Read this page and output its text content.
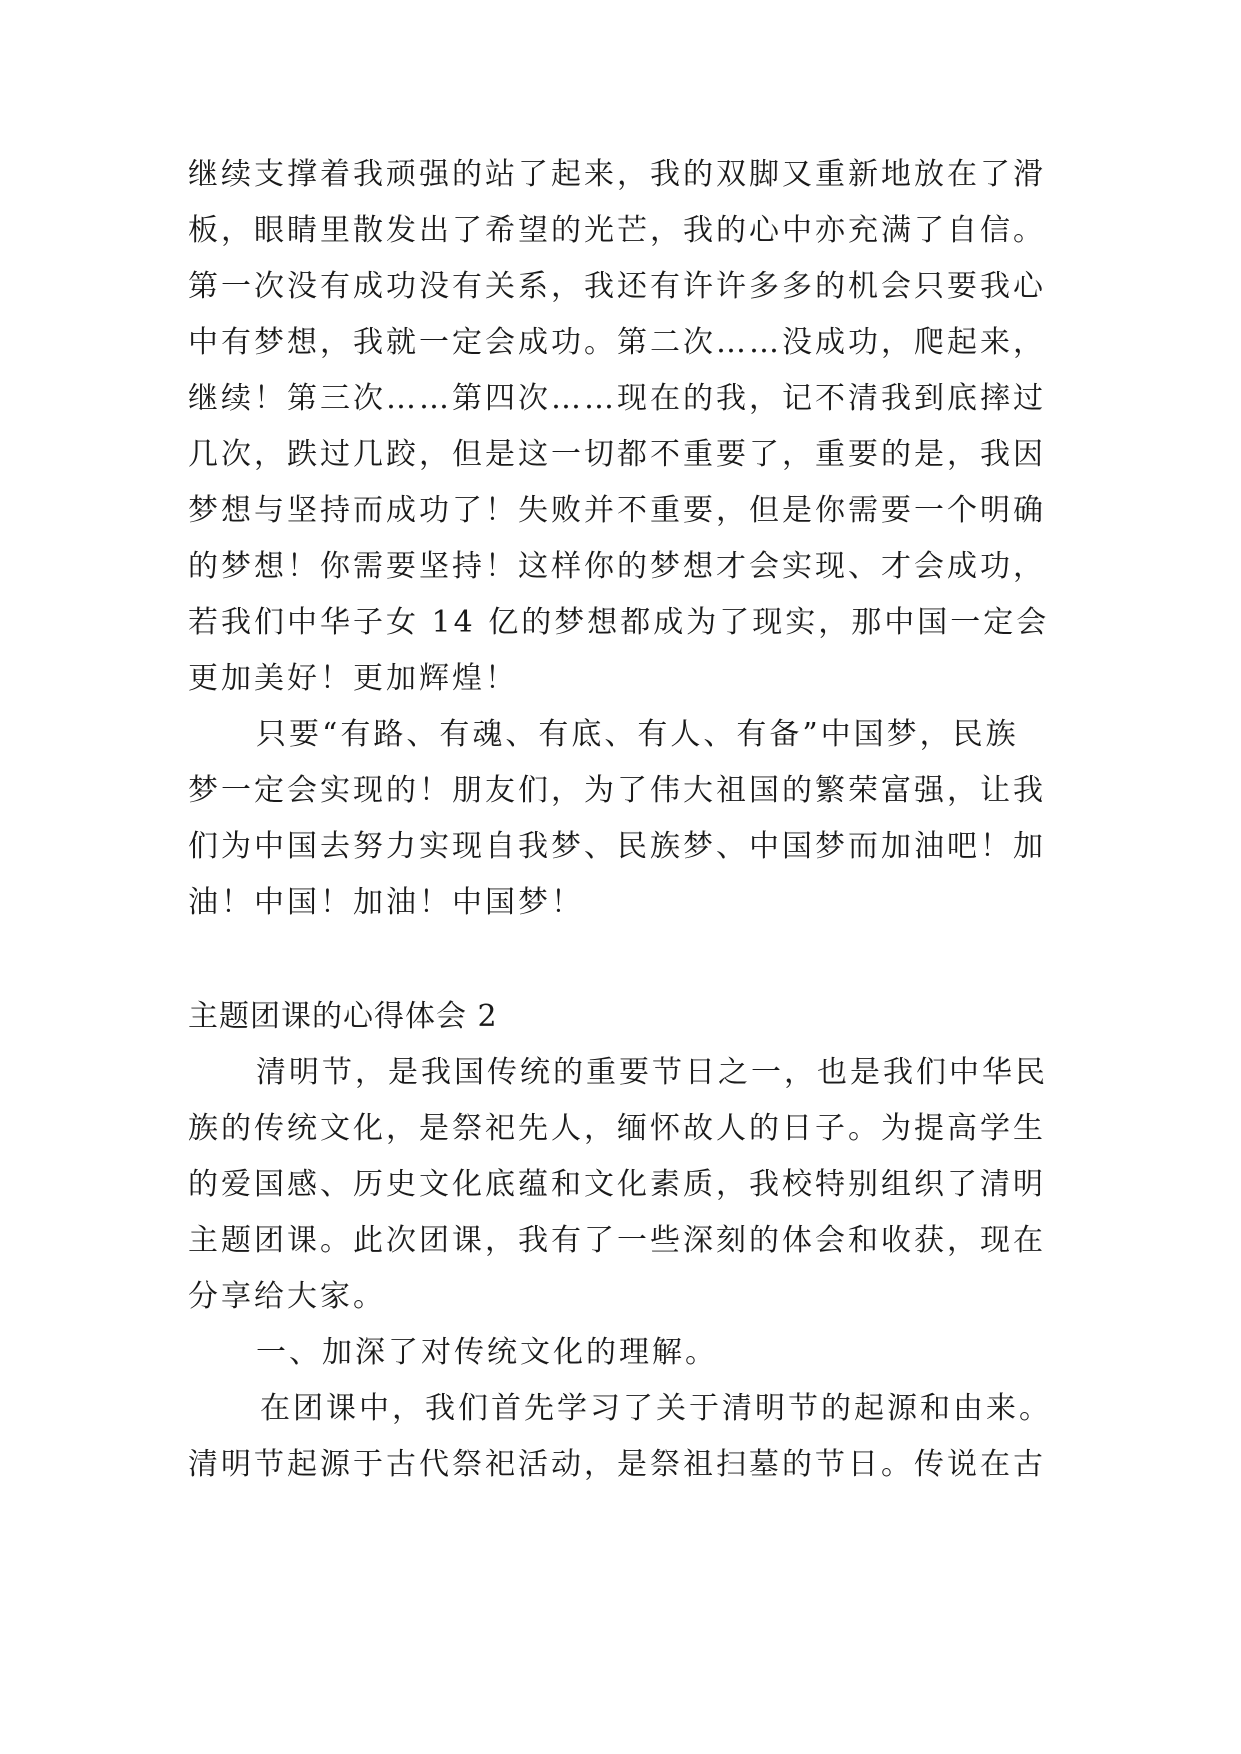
继续支撑着我顽强的站了起来，我的双脚又重新地放在了滑
板，眼睛里散发出了希望的光芒，我的心中亦充满了自信。
第一次没有成功没有关系，我还有许许多多的机会只要我心
中有梦想，我就一定会成功。第二次……没成功，爬起来，
继续！第三次……第四次……现在的我，记不清我到底摔过
几次，跌过几跤，但是这一切都不重要了，重要的是，我因
梦想与坚持而成功了！失败并不重要，但是你需要一个明确
的梦想！你需要坚持！这样你的梦想才会实现、才会成功，
若我们中华子女 14 亿的梦想都成为了现实，那中国一定会
更加美好！更加辉煌！
只要“有路、有魂、有底、有人、有备”中国梦，民族
梦一定会实现的！朋友们，为了伟大祖国的繁荣富强，让我
们为中国去努力实现自我梦、民族梦、中国梦而加油吧！加
油！中国！加油！中国梦！
主题团课的心得体会 2
清明节，是我国传统的重要节日之一，也是我们中华民
族的传统文化，是祭祀先人，缅怀故人的日子。为提高学生
的爱国感、历史文化底蕴和文化素质，我校特别组织了清明
主题团课。此次团课，我有了一些深刻的体会和收获，现在
分享给大家。
一、加深了对传统文化的理解。
在团课中，我们首先学习了关于清明节的起源和由来。
清明节起源于古代祭祀活动，是祭祖扫墓的节日。传说在古
